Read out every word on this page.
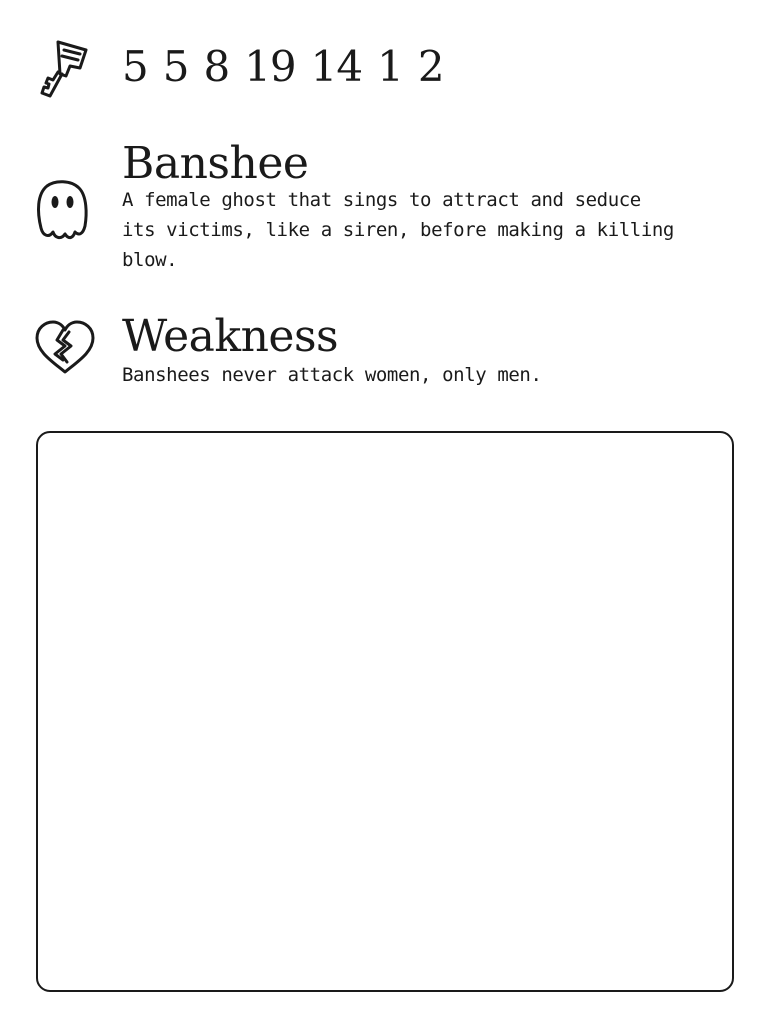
5 5 8 19 14 1 2
Banshee

A female ghost that sings to attract and seduce its victims, like a siren, before making a killing blow.

Weakness

Banshees never attack women, only men.
